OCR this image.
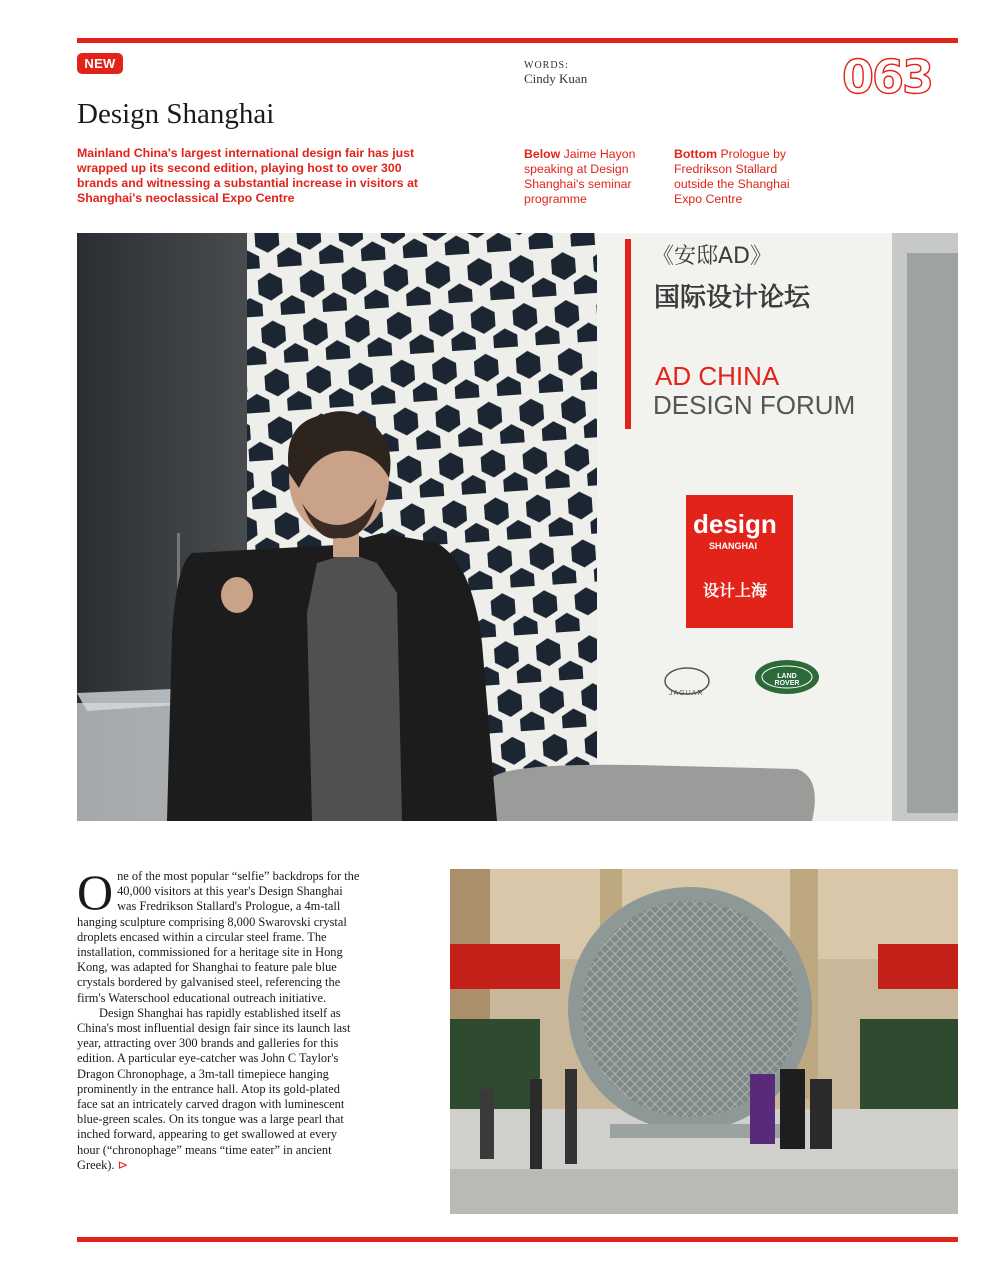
NEW
Design Shanghai

Mainland China's largest international design fair has just wrapped up its second edition, playing host to over 300 brands and witnessing a substantial increase in visitors at Shanghai's neoclassical Expo Centre

WORDS:
Cindy Kuan	063

Below Jaime Hayon speaking at Design Shanghai's seminar programme

Bottom Prologue by Fredrikson Stallard outside the Shanghai Expo Centre

《安邸AD》
国际设计论坛
AD CHINA
DESIGN FORUM
design
SHANGHAI
设计上海
JAGUAR
LAND ROVER

One of the most popular “selfie” backdrops for the 40,000 visitors at this year's Design Shanghai was Fredrikson Stallard's Prologue, a 4m-tall hanging sculpture comprising 8,000 Swarovski crystal droplets encased within a circular steel frame. The installation, commissioned for a heritage site in Hong Kong, was adapted for Shanghai to feature pale blue crystals bordered by galvanised steel, referencing the firm's Waterschool educational outreach initiative.

Design Shanghai has rapidly established itself as China's most influential design fair since its launch last year, attracting over 300 brands and galleries for this edition. A particular eye-catcher was John C Taylor's Dragon Chronophage, a 3m-tall timepiece hanging prominently in the entrance hall. Atop its gold-plated face sat an intricately carved dragon with luminescent blue-green scales. On its tongue was a large pearl that inched forward, appearing to get swallowed at every hour (“chronophage” means “time eater” in ancient Greek). ⊳
